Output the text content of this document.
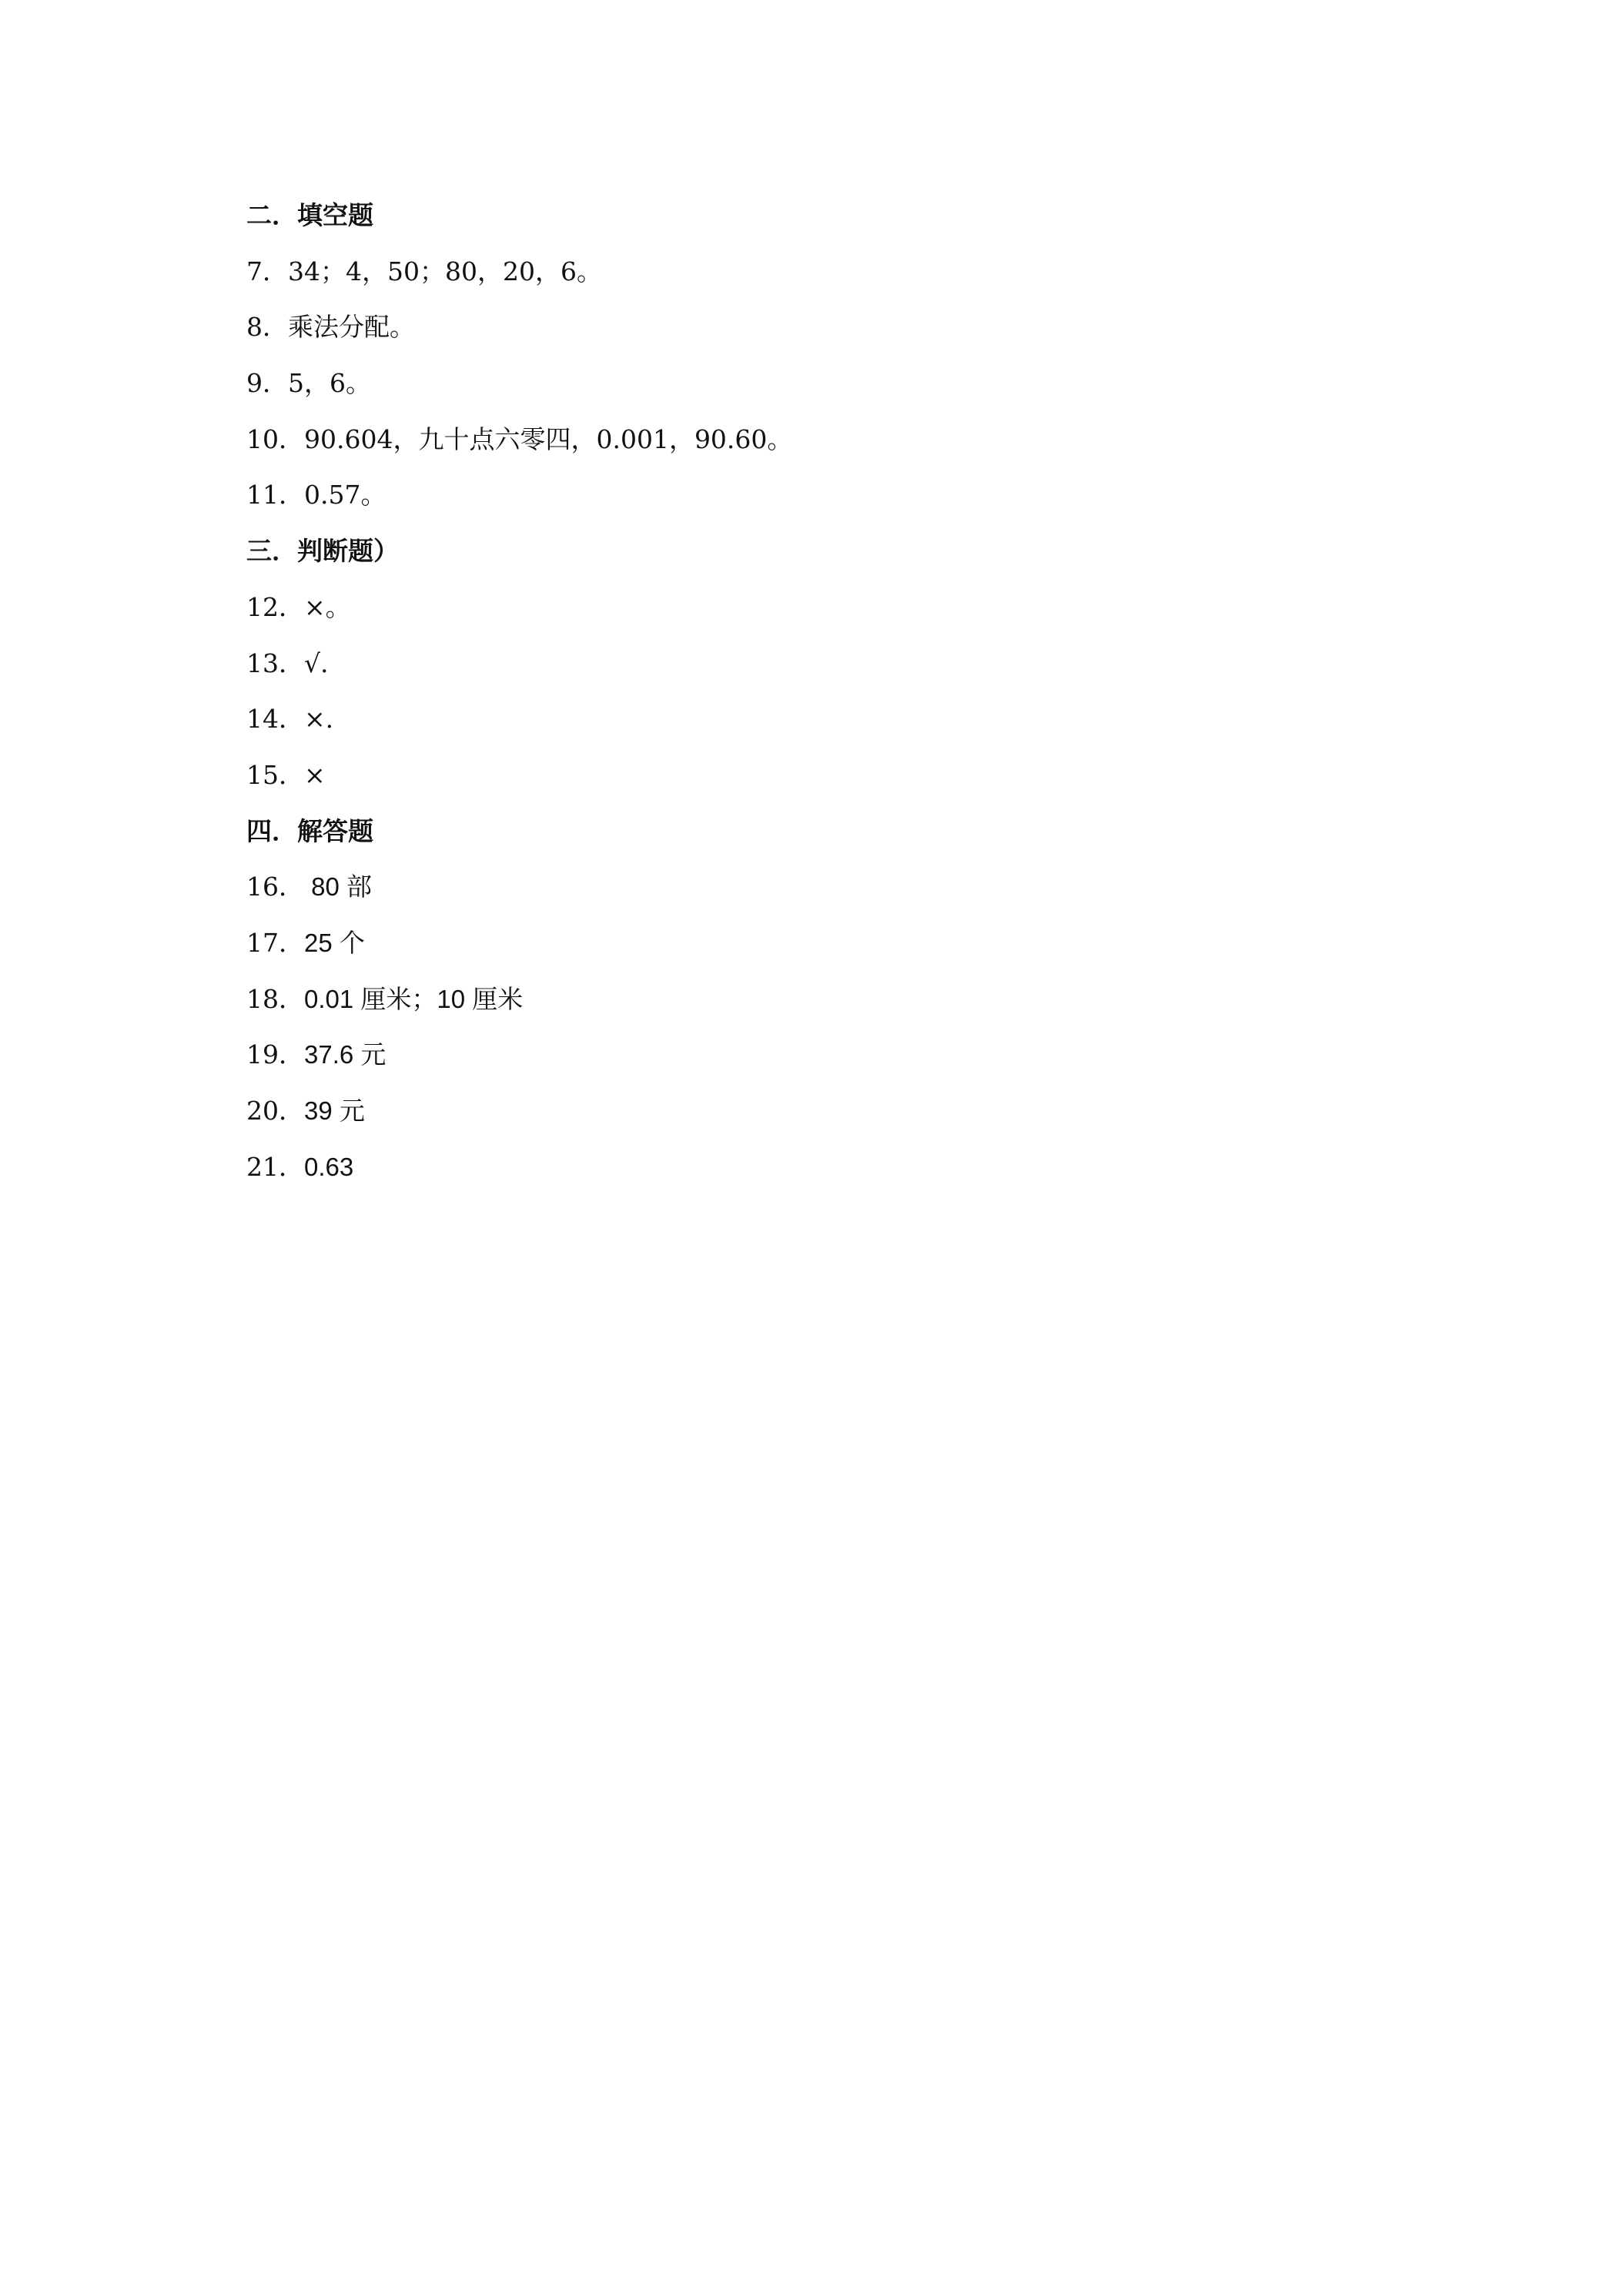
二．填空题
7．34；4，50；80，20，6。
8．乘法分配。
9．5，6。
10．90.604，九十点六零四，0.001，90.60。
11．0.57。
三．判断题）
12．×。
13．√.
14．×.
15．×
四．解答题
16． 80 部
17．25 个
18．0.01 厘米；10 厘米
19．37.6 元
20．39 元
21．0.63
